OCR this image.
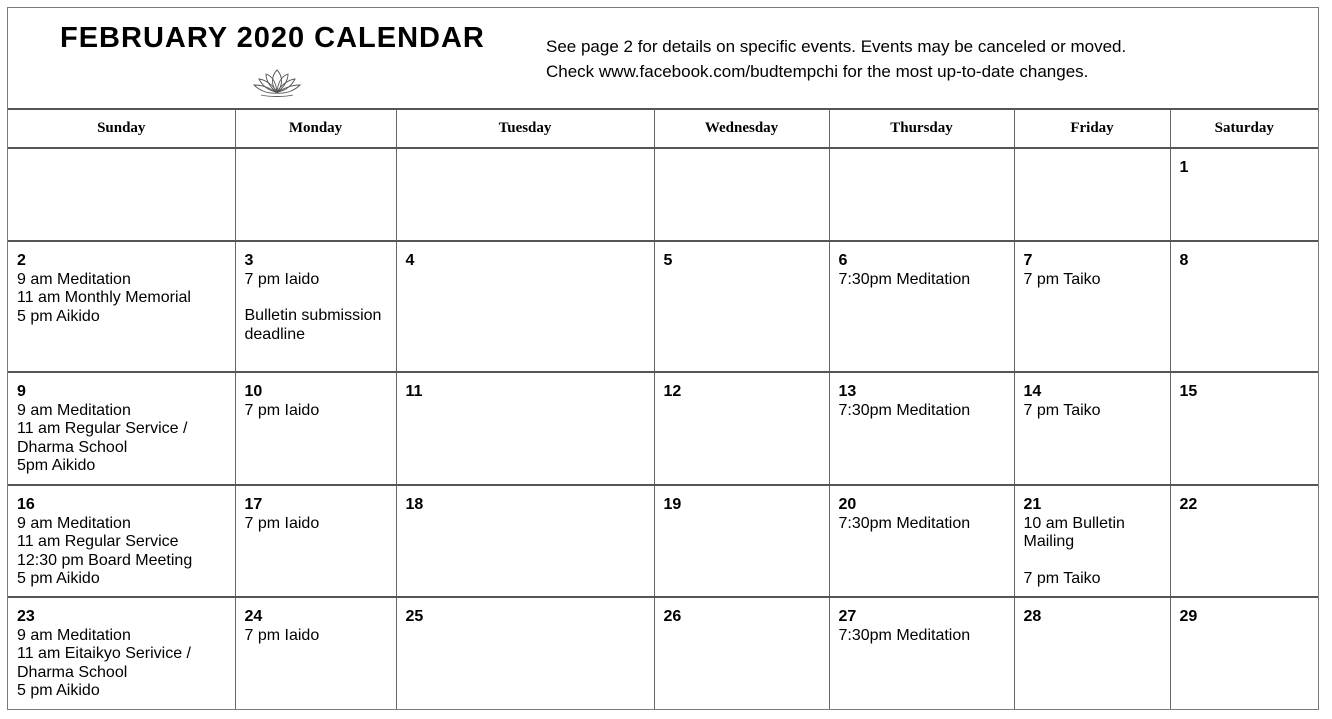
FEBRUARY 2020 CALENDAR	See page 2 for details on specific events. Events may be canceled or moved.
Check www.facebook.com/budtempchi for the most up-to-date changes.
Sunday	Monday	Tuesday	Wednesday	Thursday	Friday	Saturday

						1

2
9 am Meditation
11 am Monthly Memorial
5 pm Aikido	3
7 pm Iaido
Bulletin submission deadline	4	5	6
7:30pm Meditation	7
7 pm Taiko	8

9
9 am Meditation
11 am Regular Service / Dharma School
5pm Aikido	10
7 pm Iaido	11	12	13
7:30pm Meditation	14
7 pm Taiko	15

16
9 am Meditation
11 am Regular Service
12:30 pm Board Meeting
5 pm Aikido	17
7 pm Iaido	18	19	20
7:30pm Meditation	21
10 am Bulletin Mailing
7 pm Taiko	22

23
9 am Meditation
11 am Eitaikyo Serivice / Dharma School
5 pm Aikido	24
7 pm Iaido	25	26	27
7:30pm Meditation	28	29
